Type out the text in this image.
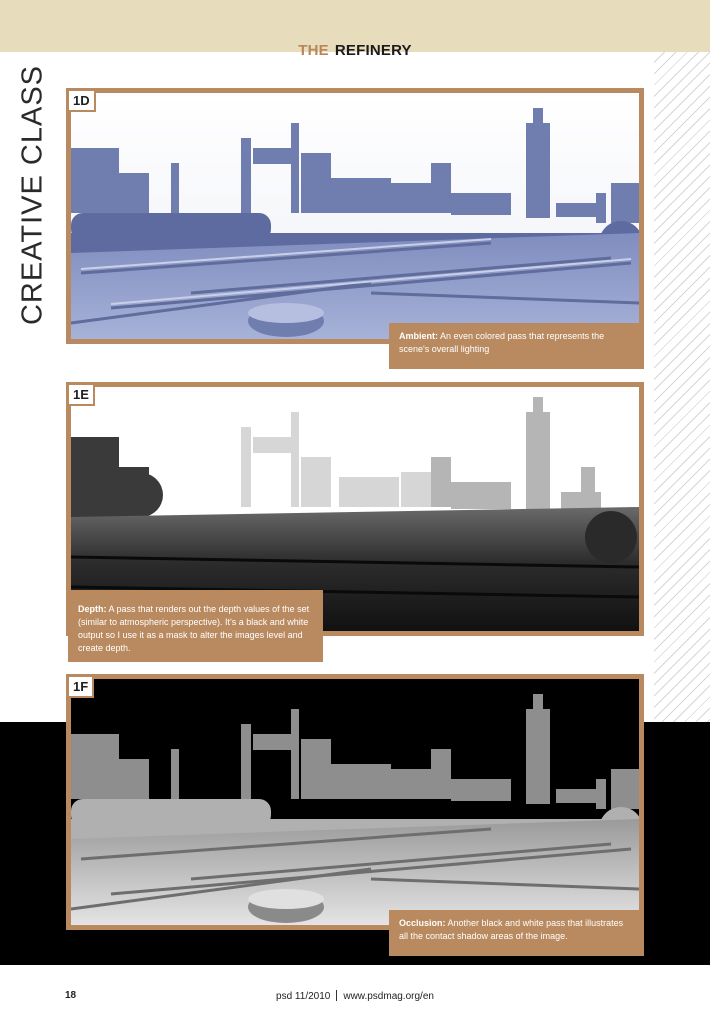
THE REFINERY
CREATIVE CLASS	1D
Ambient: An even colored pass that represents the scene's overall lighting
1E
Depth: A pass that renders out the depth values of the set (similar to atmospheric perspective). It's a black and white output so I use it as a mask to alter the images level and create depth.
1F
Occlusion: Another black and white pass that illustrates all the contact shadow areas of the image.
18	psd 11/2010 www.psdmag.org/en
